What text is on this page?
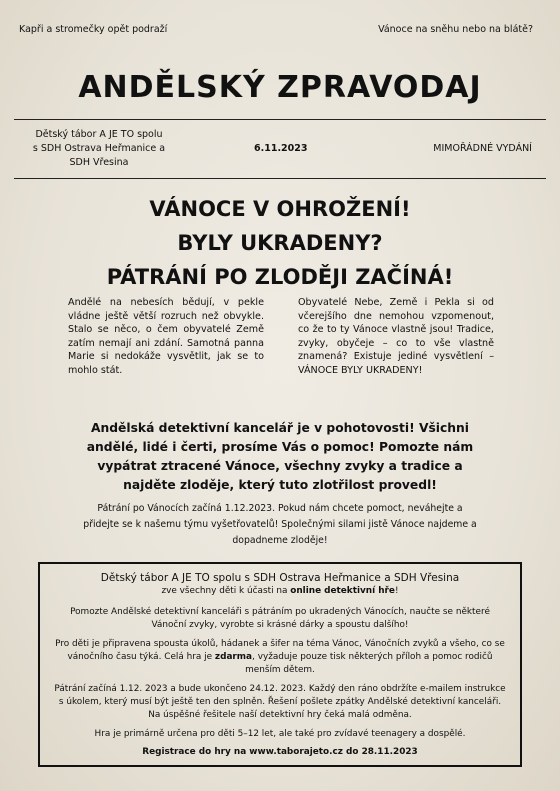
Kapři a stromečky opět podraží	Vánoce na sněhu nebo na blátě?
ANDĚLSKÝ ZPRAVODAJ
Dětský tábor A JE TO spolu
s SDH Ostrava Heřmanice a
SDH Vřesina
6.11.2023	MIMOŘÁDNÉ VYDÁNÍ
VÁNOCE V OHROŽENÍ!
BYLY UKRADENY?
PÁTRÁNÍ PO ZLODĚJI ZAČÍNÁ!
Andělé na nebesích bědují, v pekle vládne ještě větší rozruch než obvykle. Stalo se něco, o čem obyvatelé Země zatím nemají ani zdání. Samotná panna Marie si nedokáže vysvětlit, jak se to mohlo stát.
Obyvatelé Nebe, Země i Pekla si od včerejšího dne nemohou vzpomenout, co že to ty Vánoce vlastně jsou! Tradice, zvyky, obyčeje – co to vše vlastně znamená? Existuje jediné vysvětlení – VÁNOCE BYLY UKRADENY!
Andělská detektivní kancelář je v pohotovosti! Všichni andělé, lidé i čerti, prosíme Vás o pomoc! Pomozte nám vypátrat ztracené Vánoce, všechny zvyky a tradice a najděte zloděje, který tuto zlotřilost provedl!
Pátrání po Vánocích začíná 1.12.2023. Pokud nám chcete pomoct, neváhejte a přidejte se k našemu týmu vyšetřovatelů! Společnými silami jistě Vánoce najdeme a dopadneme zloděje!
Dětský tábor A JE TO spolu s SDH Ostrava Heřmanice a SDH Vřesina

zve všechny děti k účasti na online detektivní hře!

Pomozte Andělské detektivní kanceláři s pátráním po ukradených Vánocích, naučte se některé Vánoční zvyky, vyrobte si krásné dárky a spoustu dalšího!

Pro děti je připravena spousta úkolů, hádanek a šifer na téma Vánoc, Vánočních zvyků a všeho, co se vánočního času týká. Celá hra je zdarma, vyžaduje pouze tisk některých příloh a pomoc rodičů menším dětem.

Pátrání začíná 1.12. 2023 a bude ukončeno 24.12. 2023. Každý den ráno obdržíte e-mailem instrukce s úkolem, který musí být ještě ten den splněn. Řešení pošlete zpátky Andělské detektivní kanceláři. Na úspěšné řešitele naší detektivní hry čeká malá odměna.

Hra je primárně určena pro děti 5–12 let, ale také pro zvídavé teenagery a dospělé.

Registrace do hry na www.taborajeto.cz do 28.11.2023
